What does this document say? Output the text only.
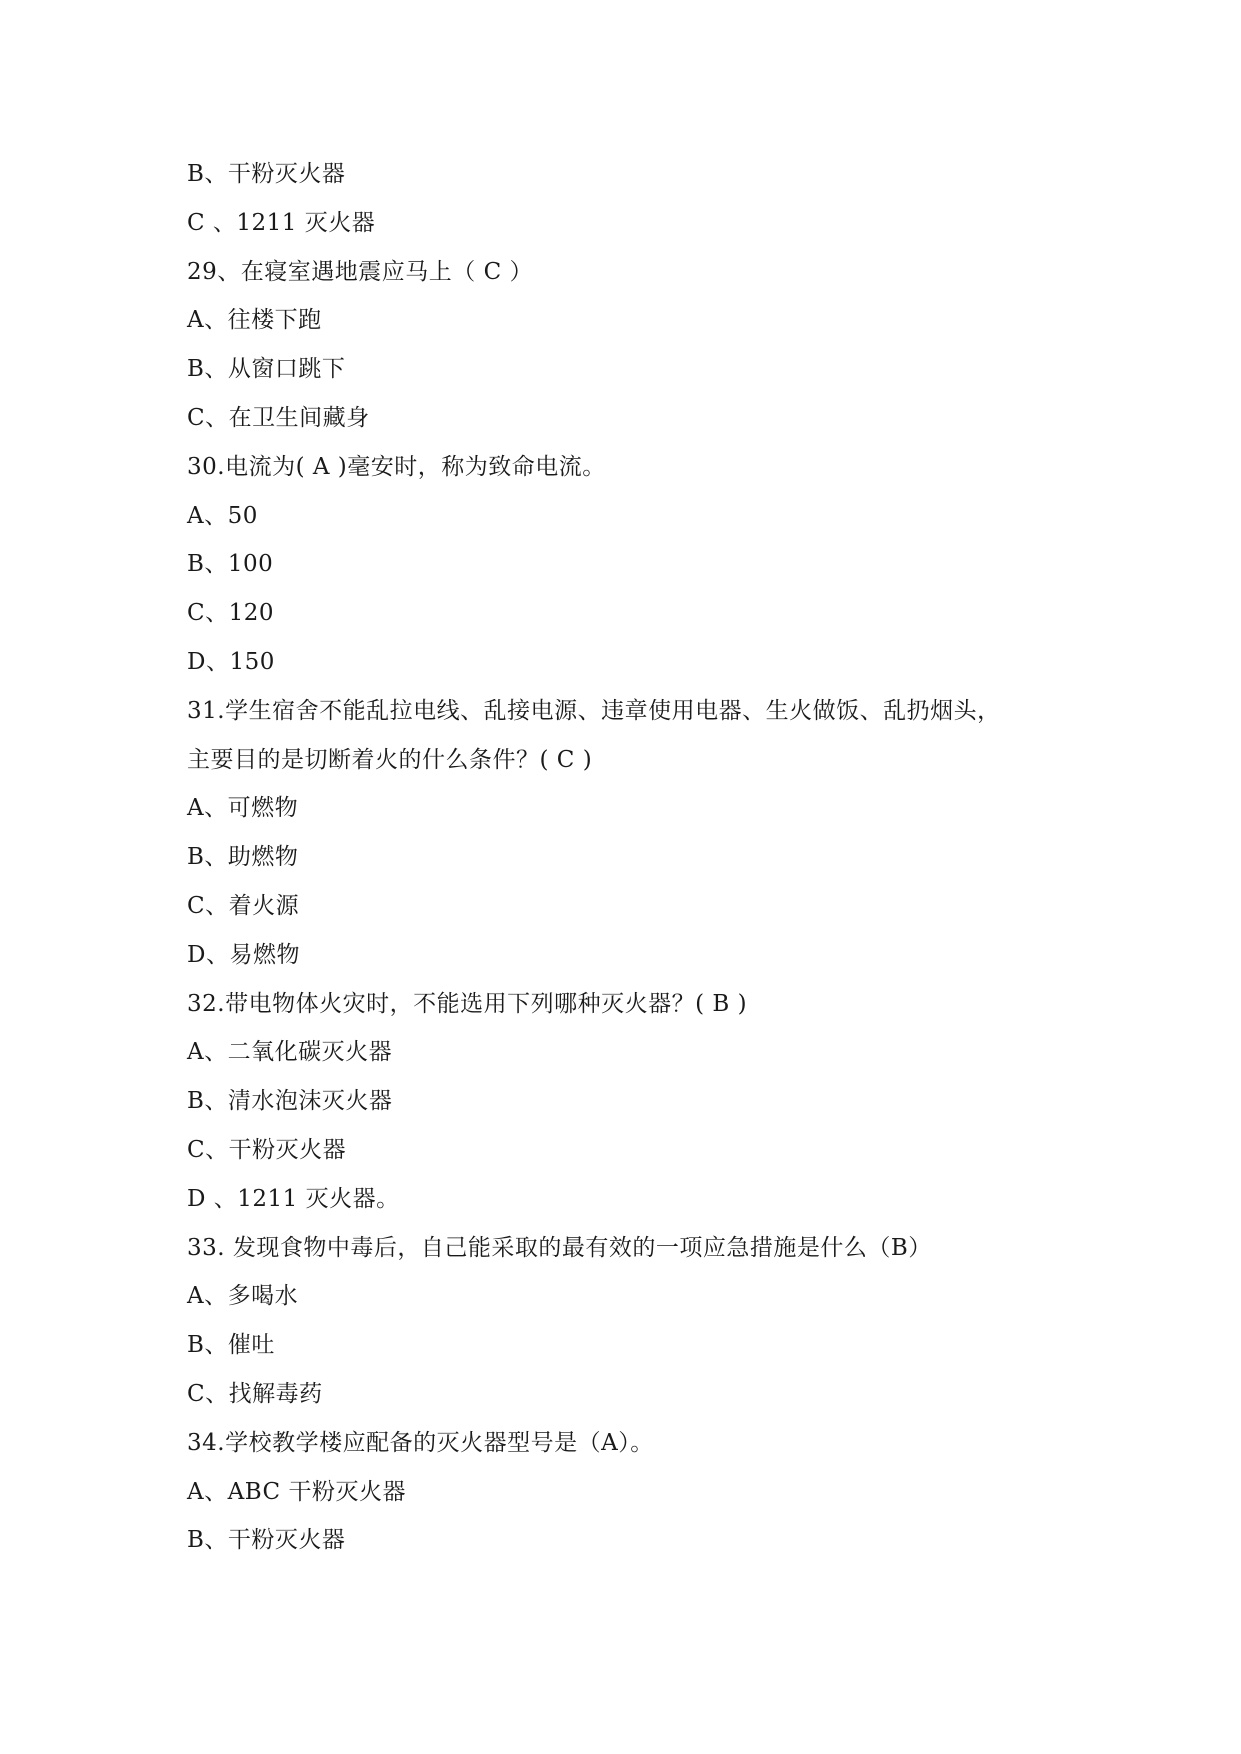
B、干粉灭火器
C 、1211 灭火器
29、在寝室遇地震应马上（ C ）
A、往楼下跑
B、从窗口跳下
C、在卫生间藏身
30.电流为( A )毫安时，称为致命电流。
A、50
B、100
C、120
D、150
31.学生宿舍不能乱拉电线、乱接电源、违章使用电器、生火做饭、乱扔烟头，
主要目的是切断着火的什么条件？( C )
A、可燃物
B、助燃物
C、着火源
D、易燃物
32.带电物体火灾时，不能选用下列哪种灭火器？( B )
A、二氧化碳灭火器
B、清水泡沫灭火器
C、干粉灭火器
D 、1211 灭火器。
33. 发现食物中毒后，自己能采取的最有效的一项应急措施是什么（B）
A、多喝水
B、催吐
C、找解毒药
34.学校教学楼应配备的灭火器型号是（A）。
A、ABC 干粉灭火器
B、干粉灭火器
